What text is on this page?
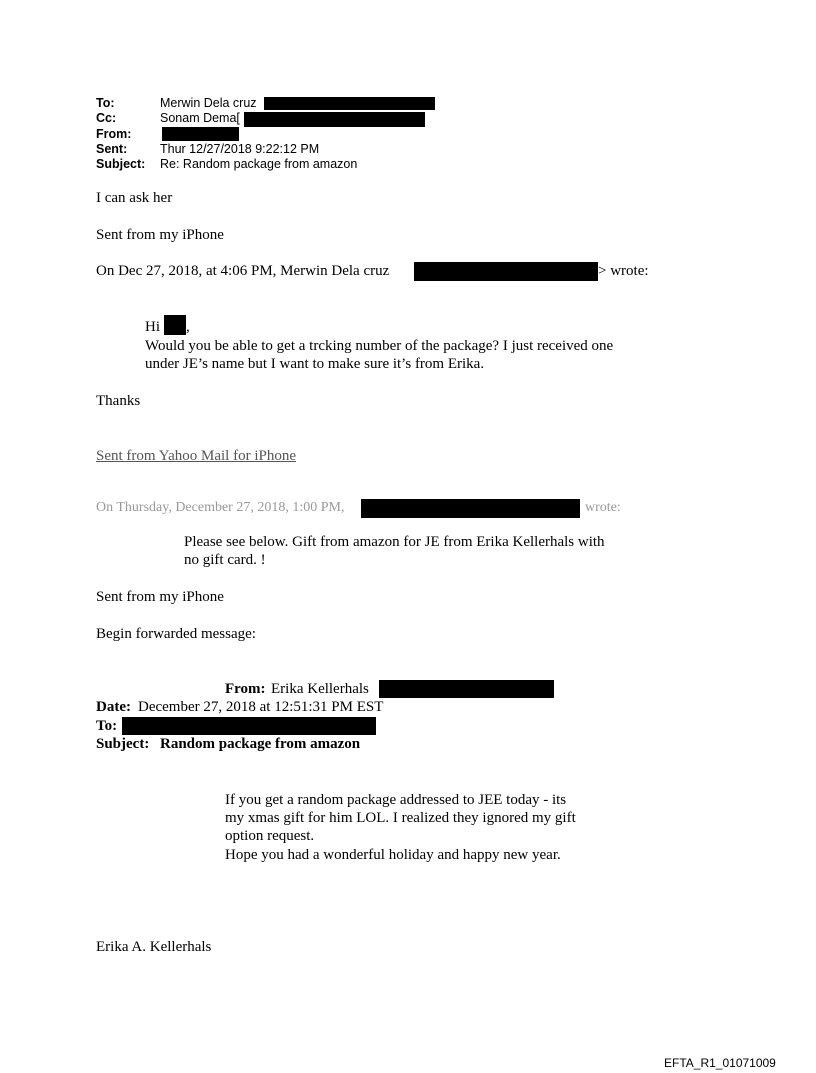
To:	Merwin Dela cruz
Cc:	Sonam Dema[
From:
Sent:	Thur 12/27/2018 9:22:12 PM
Subject: Re: Random package from amazon
I can ask her
Sent from my iPhone
On Dec 27, 2018, at 4:06 PM, Merwin Dela cruz	> wrote:
Hi ,
Would you be able to get a trcking number of the package? I just received one
under JE’s name but I want to make sure it’s from Erika.
Thanks
Sent from Yahoo Mail for iPhone
On Thursday, December 27, 2018, 1:00 PM,	wrote:
Please see below. Gift from amazon for JE from Erika Kellerhals with
no gift card. !
Sent from my iPhone
Begin forwarded message:
From: Erika Kellerhals
Date: December 27, 2018 at 12:51:31 PM EST
To:
Subject: Random package from amazon
If you get a random package addressed to JEE today - its
my xmas gift for him LOL. I realized they ignored my gift
option request.
Hope you had a wonderful holiday and happy new year.
Erika A. Kellerhals
EFTA_R1_01071009
